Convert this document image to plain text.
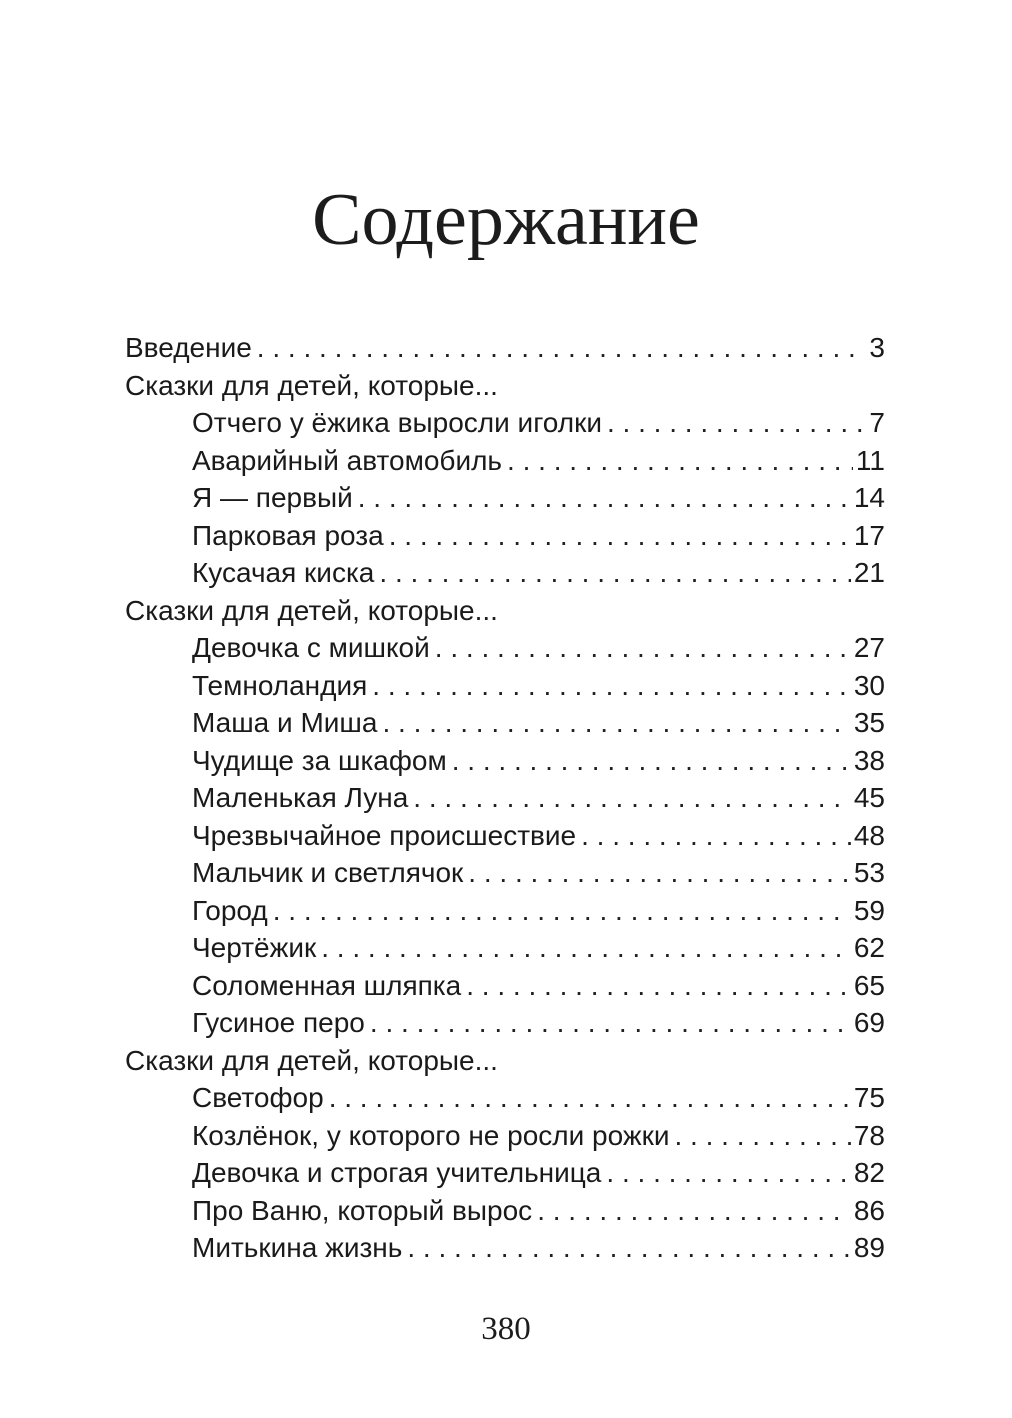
Содержание
Введение . . .	3
Сказки для детей, которые...
Отчего у ёжика выросли иголки . . .	7
Аварийный автомобиль . . .	11
Я — первый . . .	14
Парковая роза . . .	17
Кусачая киска . . .	21
Сказки для детей, которые...
Девочка с мишкой . . .	27
Темноландия . . .	30
Маша и Миша . . .	35
Чудище за шкафом . . .	38
Маленькая Луна . . .	45
Чрезвычайное происшествие . . .	48
Мальчик и светлячок . . .	53
Город . . .	59
Чертёжик . . .	62
Соломенная шляпка . . .	65
Гусиное перо . . .	69
Сказки для детей, которые...
Светофор . . .	75
Козлёнок, у которого не росли рожки . . .	78
Девочка и строгая учительница . . .	82
Про Ваню, который вырос . . .	86
Митькина жизнь . . .	89
380
